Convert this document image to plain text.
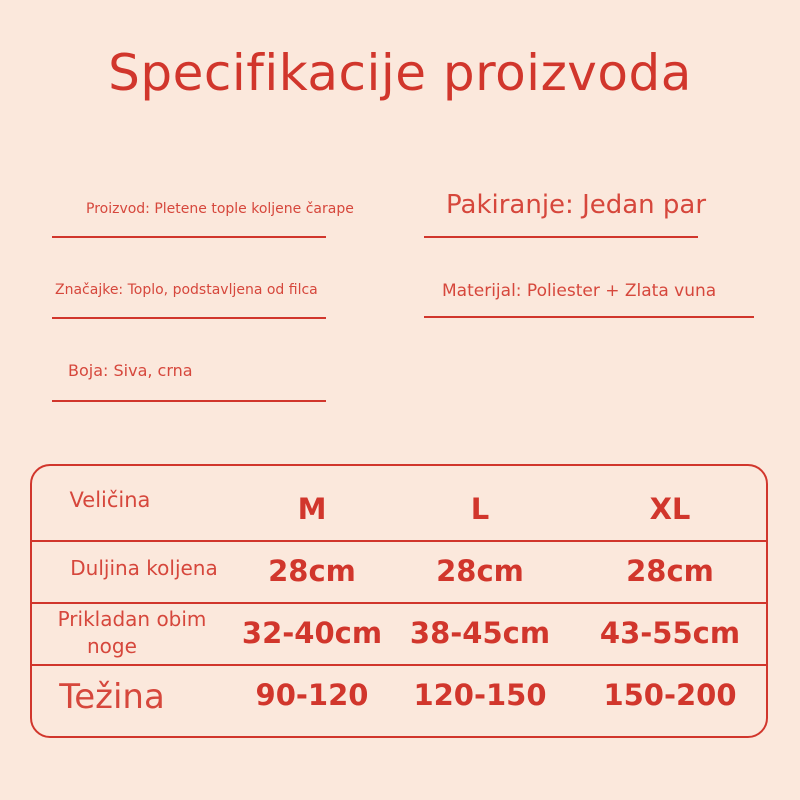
Specifikacije proizvoda
Proizvod: Pletene tople koljene čarape	Pakiranje: Jedan par
Značajke: Toplo, podstavljena od filca	Materijal: Poliester + Zlata vuna
Boja: Siva, crna
Veličina	M	L	XL
Duljina koljena	28cm	28cm	28cm
Prikladan obim
noge	32-40cm 38-45cm	43-55cm
Težina	90-120	120-150	150-200
